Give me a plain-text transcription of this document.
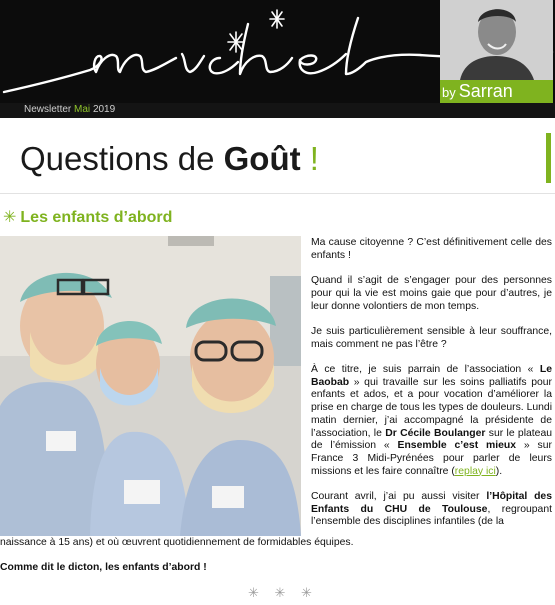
by Sarran
Newsletter Mai 2019
Questions de Goût !
✳ Les enfants d’abord

Ma cause citoyenne ? C’est définitivement celle des enfants !

Quand il s’agit de s’engager pour des personnes pour qui la vie est moins gaie que pour d’autres, je leur donne volontiers de mon temps.

Je suis particulièrement sensible à leur souffrance, mais comment ne pas l’être ?

À ce titre, je suis parrain de l’association « Le Baobab » qui travaille sur les soins palliatifs pour enfants et ados, et a pour vocation d’améliorer la prise en charge de tous les types de douleurs. Lundi matin dernier, j’ai accompagné la présidente de l’association, le Dr Cécile Boulanger sur le plateau de l’émission « Ensemble c’est mieux » sur France 3 Midi-Pyrénées pour parler de leurs missions et les faire connaître (replay ici).

Courant avril, j’ai pu aussi visiter l’Hôpital des Enfants du CHU de Toulouse, regroupant l’ensemble des disciplines infantiles (de la

naissance à 15 ans) et où œuvrent quotidiennement de formidables équipes.
Comme dit le dicton, les enfants d’abord !
✳ ✳ ✳
